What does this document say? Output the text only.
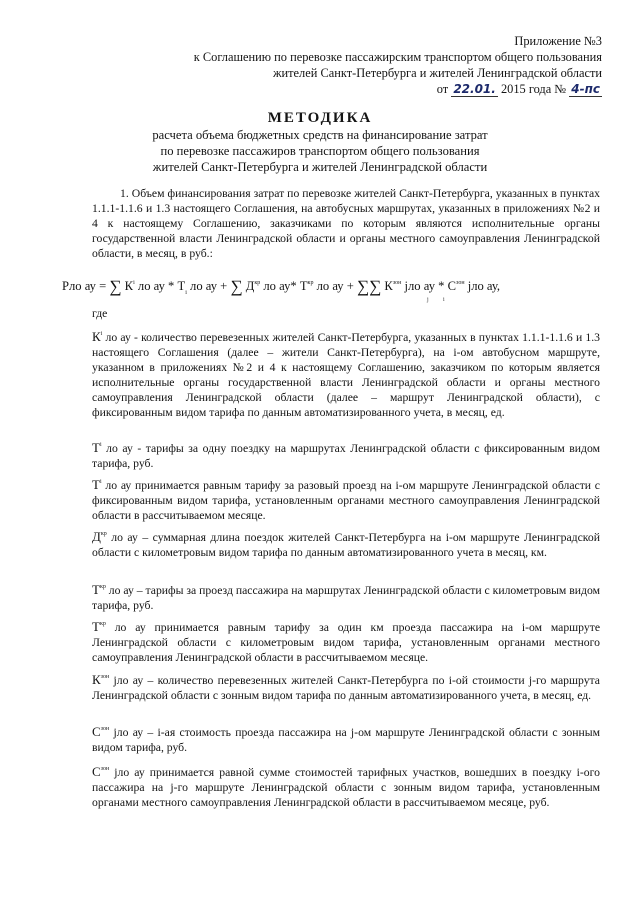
Приложение №3
к Соглашению по перевозке пассажирским транспортом общего пользования
жителей Санкт-Петербурга и жителей Ленинградской области
от 22.01. 2015 года № 4-пс
МЕТОДИКА
расчета объема бюджетных средств на финансирование затрат
по перевозке пассажиров транспортом общего пользования
жителей Санкт-Петербурга и жителей Ленинградской области
1. Объем финансирования затрат по перевозке жителей Санкт-Петербурга, указанных в пунктах 1.1.1-1.1.6 и 1.3 настоящего Соглашения, на автобусных маршрутах, указанных в приложениях №2 и 4 к настоящему Соглашению, заказчиками по которым являются исполнительные органы государственной власти Ленинградской области и органы местного самоуправления Ленинградской области, в месяц, в руб.:
Рло ау = ∑ $К^i$ ло ау * $Т_i$ ло ау + ∑ $Д^{кр}$ ло ау* $Т^{кр}$ ло ау + ∑∑ $К^{зон}$ jло ау * $С^{зон}$ jло ау,
j i
где
$К^i$ ло ау - количество перевезенных жителей Санкт-Петербурга, указанных в пунктах 1.1.1-1.1.6 и 1.3 настоящего Соглашения (далее – жители Санкт-Петербурга), на i-ом автобусном маршруте, указанном в приложениях №2 и 4 к настоящему Соглашению, заказчиком по которым является исполнительные органы государственной власти Ленинградской области и органы местного самоуправления Ленинградской области (далее – маршрут Ленинградской области), с фиксированным видом тарифа по данным автоматизированного учета, в месяц, ед.
$Т^i$ ло ау - тарифы за одну поездку на маршрутах Ленинградской области с фиксированным видом тарифа, руб.
$Т^i$ ло ау принимается равным тарифу за разовый проезд на i-ом маршруте Ленинградской области с фиксированным видом тарифа, установленным органами местного самоуправления Ленинградской области в рассчитываемом месяце.
$Д^{кр}$ ло ау – суммарная длина поездок жителей Санкт-Петербурга на i-ом маршруте Ленинградской области с километровым видом тарифа по данным автоматизированного учета в месяц, км.
$Т^{кр}$ ло ау – тарифы за проезд пассажира на маршрутах Ленинградской области с километровым видом тарифа, руб.
$Т^{кр}$ ло ау принимается равным тарифу за один км проезда пассажира на i-ом маршруте Ленинградской области с километровым видом тарифа, установленным органами местного самоуправления Ленинградской области в рассчитываемом месяце.
$К^{зон}$ jло ау – количество перевезенных жителей Санкт-Петербурга по i-ой стоимости j-го маршрута Ленинградской области с зонным видом тарифа по данным автоматизированного учета, в месяц, ед.
$С^{зон}$ jло ау – i-ая стоимость проезда пассажира на j-ом маршруте Ленинградской области с зонным видом тарифа, руб.
$С^{зон}$ jло ау принимается равной сумме стоимостей тарифных участков, вошедших в поездку i-ого пассажира на j-го маршруте Ленинградской области с зонным видом тарифа, установленным органами местного самоуправления Ленинградской области в рассчитываемом месяце, руб.
